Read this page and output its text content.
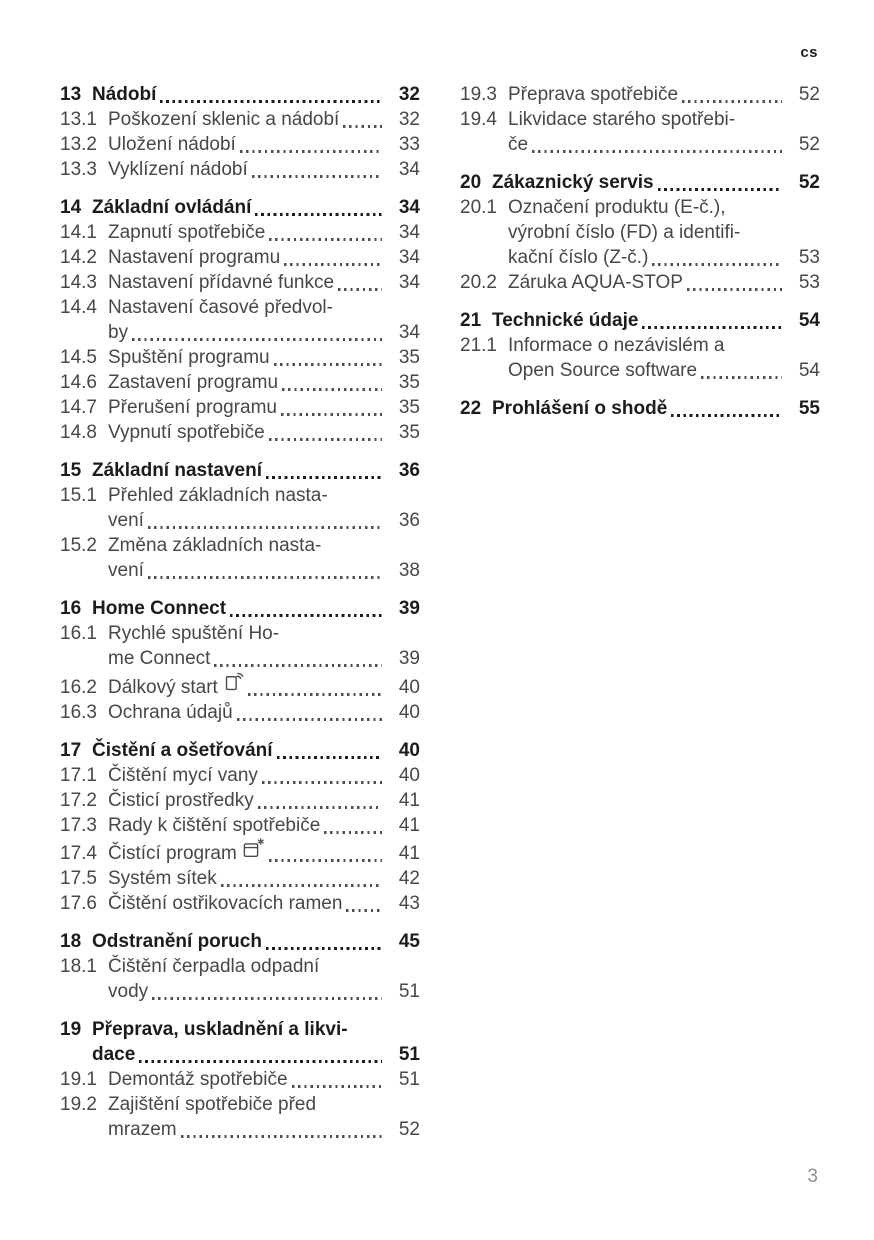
cs
13 Nádobí	32
13.1 Poškození sklenic a nádobí	32
13.2 Uložení nádobí	33
13.3 Vyklízení nádobí	34
14 Základní ovládání	34
14.1 Zapnutí spotřebiče	34
14.2 Nastavení programu	34
14.3 Nastavení přídavné funkce	34
14.4 Nastavení časové předvol-
by	34
14.5 Spuštění programu	35
14.6 Zastavení programu	35
14.7 Přerušení programu	35
14.8 Vypnutí spotřebiče	35
15 Základní nastavení	36
15.1 Přehled základních nasta-
vení	36
15.2 Změna základních nasta-
vení	38
16 Home Connect	39
16.1 Rychlé spuštění Ho-
me Connect	39
16.2 Dálkový start	40
16.3 Ochrana údajů	40
17 Čistění a ošetřování	40
17.1 Čištění mycí vany	40
17.2 Čisticí prostředky	41
17.3 Rady k čištění spotřebiče	41
17.4 Čistící program	41
17.5 Systém sítek	42
17.6 Čištění ostřikovacích ramen	43
18 Odstranění poruch	45
18.1 Čištění čerpadla odpadní
vody	51
19 Přeprava, uskladnění a likvi-
dace	51
19.1 Demontáž spotřebiče	51
19.2 Zajištění spotřebiče před
mrazem	52
19.3 Přeprava spotřebiče	52
19.4 Likvidace starého spotřebi-
če	52
20 Zákaznický servis	52
20.1 Označení produktu (E-č.),
výrobní číslo (FD) a identifi-
kační číslo (Z-č.)	53
20.2 Záruka AQUA-STOP	53
21 Technické údaje	54
21.1 Informace o nezávislém a
Open Source software	54
22 Prohlášení o shodě	55
3
